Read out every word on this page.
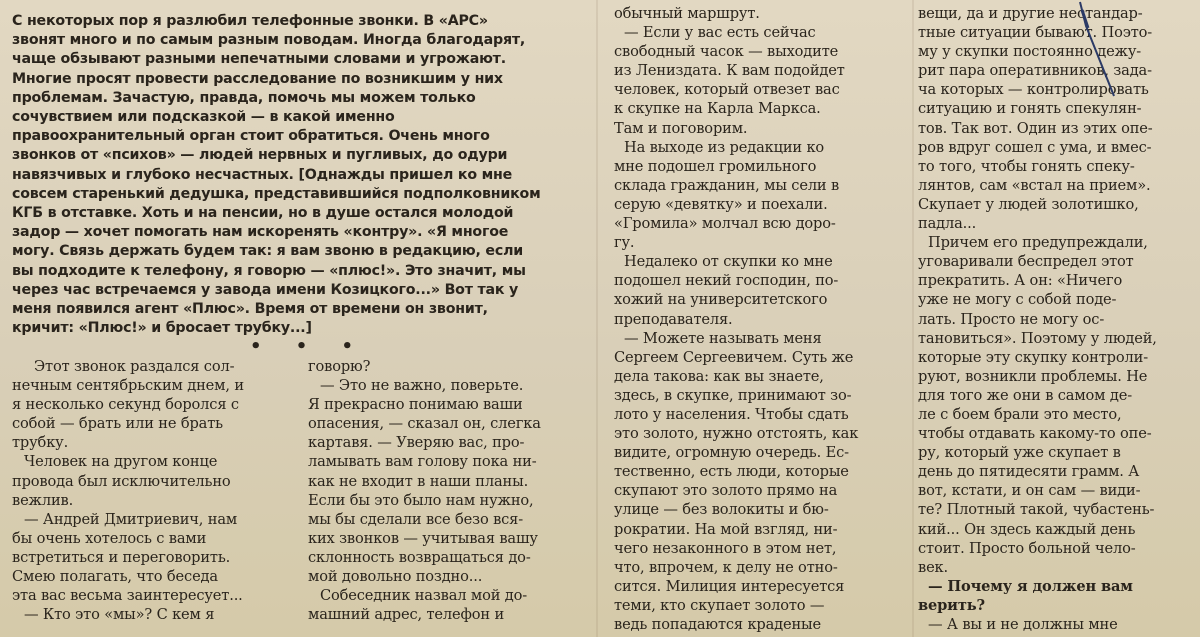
С некоторых пор я разлюбил телефонные звонки. В «АРС»
звонят много и по самым разным поводам. Иногда благодарят,
чаще обзывают разными непечатными словами и угрожают.
Многие просят провести расследование по возникшим у них
проблемам. Зачастую, правда, помочь мы можем только
сочувствием или подсказкой — в какой именно
правоохранительный орган стоит обратиться. Очень много
звонков от «психов» — людей нервных и пугливых, до одури
навязчивых и глубоко несчастных. [Однажды пришел ко мне
совсем старенький дедушка, представившийся подполковником
КГБ в отставке. Хоть и на пенсии, но в душе остался молодой
задор — хочет помогать нам искоренять «контру». «Я многое
могу. Связь держать будем так: я вам звоню в редакцию, если
вы подходите к телефону, я говорю — «плюс!». Это значит, мы
через час встречаемся у завода имени Козицкого...» Вот так у
меня появился агент «Плюс». Время от времени он звонит,
кричит: «Плюс!» и бросает трубку...]
• • •
Этот звонок раздался сол-
нечным сентябрьским днем, и
я несколько секунд боролся с
собой — брать или не брать
трубку.
Человек на другом конце
провода был исключительно
вежлив.
— Андрей Дмитриевич, нам
бы очень хотелось с вами
встретиться и переговорить.
Смею полагать, что беседа
эта вас весьма заинтересует...
— Кто это «мы»? С кем я
говорю?
— Это не важно, поверьте.
Я прекрасно понимаю ваши
опасения, — сказал он, слегка
картавя. — Уверяю вас, про-
ламывать вам голову пока ни-
как не входит в наши планы.
Если бы это было нам нужно,
мы бы сделали все безо вся-
ких звонков — учитывая вашу
склонность возвращаться до-
мой довольно поздно...
Собеседник назвал мой до-
машний адрес, телефон и
обычный маршрут.
— Если у вас есть сейчас
свободный часок — выходите
из Лениздата. К вам подойдет
человек, который отвезет вас
к скупке на Карла Маркса.
Там и поговорим.
На выходе из редакции ко
мне подошел громильного
склада гражданин, мы сели в
серую «девятку» и поехали.
«Громила» молчал всю доро-
гу.
Недалеко от скупки ко мне
подошел некий господин, по-
хожий на университетского
преподавателя.
— Можете называть меня
Сергеем Сергеевичем. Суть же
дела такова: как вы знаете,
здесь, в скупке, принимают зо-
лото у населения. Чтобы сдать
это золото, нужно отстоять, как
видите, огромную очередь. Ес-
тественно, есть люди, которые
скупают это золото прямо на
улице — без волокиты и бю-
рократии. На мой взгляд, ни-
чего незаконного в этом нет,
что, впрочем, к делу не отно-
сится. Милиция интересуется
теми, кто скупает золото —
ведь попадаются краденые
вещи, да и другие нестандар-
тные ситуации бывают. Поэто-
му у скупки постоянно дежу-
рит пара оперативников, зада-
ча которых — контролировать
ситуацию и гонять спекулян-
тов. Так вот. Один из этих опе-
ров вдруг сошел с ума, и вмес-
то того, чтобы гонять спеку-
лянтов, сам «встал на прием».
Скупает у людей золотишко,
падла...
Причем его предупреждали,
уговаривали беспредел этот
прекратить. А он: «Ничего
уже не могу с собой поде-
лать. Просто не могу ос-
тановиться». Поэтому у людей,
которые эту скупку контроли-
руют, возникли проблемы. Не
для того же они в самом де-
ле с боем брали это место,
чтобы отдавать какому-то опе-
ру, который уже скупает в
день до пятидесяти грамм. А
вот, кстати, и он сам — види-
те? Плотный такой, чубастень-
кий... Он здесь каждый день
стоит. Просто больной чело-
век.
— Почему я должен вам
верить?
— А вы и не должны мне
